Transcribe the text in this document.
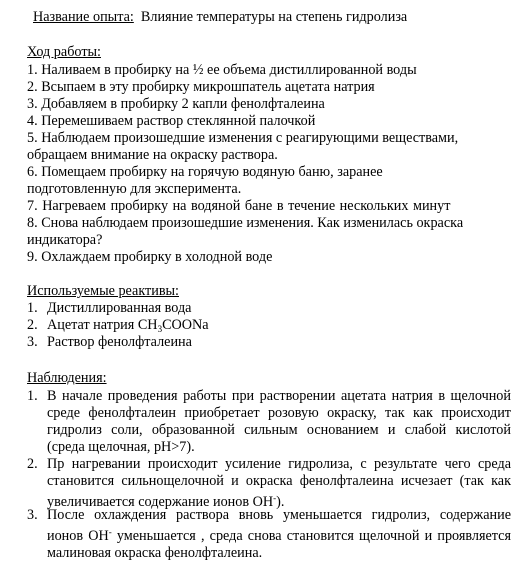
Название опыта: Влияние температуры на степень гидролиза
Ход работы:
1. Наливаем в пробирку на ½ ее объема дистиллированной воды
2. Всыпаем в эту пробирку микрошпатель ацетата натрия
3. Добавляем в пробирку 2 капли фенолфталеина
4. Перемешиваем раствор стеклянной палочкой
5. Наблюдаем произошедшие изменения с реагирующими веществами,
обращаем внимание на окраску раствора.
6. Помещаем пробирку на горячую водяную баню, заранее
подготовленную для эксперимента.
7. Нагреваем пробирку на водяной бане в течение нескольких минут
8. Снова наблюдаем произошедшие изменения. Как изменилась окраска
индикатора?
9. Охлаждаем пробирку в холодной воде
Используемые реактивы:
1. Дистиллированная вода
2. Ацетат натрия $CH_3COONa$
3. Раствор фенолфталеина
Наблюдения:
1. В начале проведения работы при растворении ацетата натрия в щелочной среде фенолфталеин приобретает розовую окраску, так как происходит гидролиз соли, образованной сильным основанием и слабой кислотой (среда щелочная, pH>7).
2. Пр нагревании происходит усиление гидролиза, с результате чего среда становится сильнощелочной и окраска фенолфталеина исчезает (так как увеличивается содержание ионов OH-).
3. После охлаждения раствора вновь уменьшается гидролиз, содержание ионов OH- уменьшается , среда снова становится щелочной и проявляется малиновая окраска фенолфталеина.
